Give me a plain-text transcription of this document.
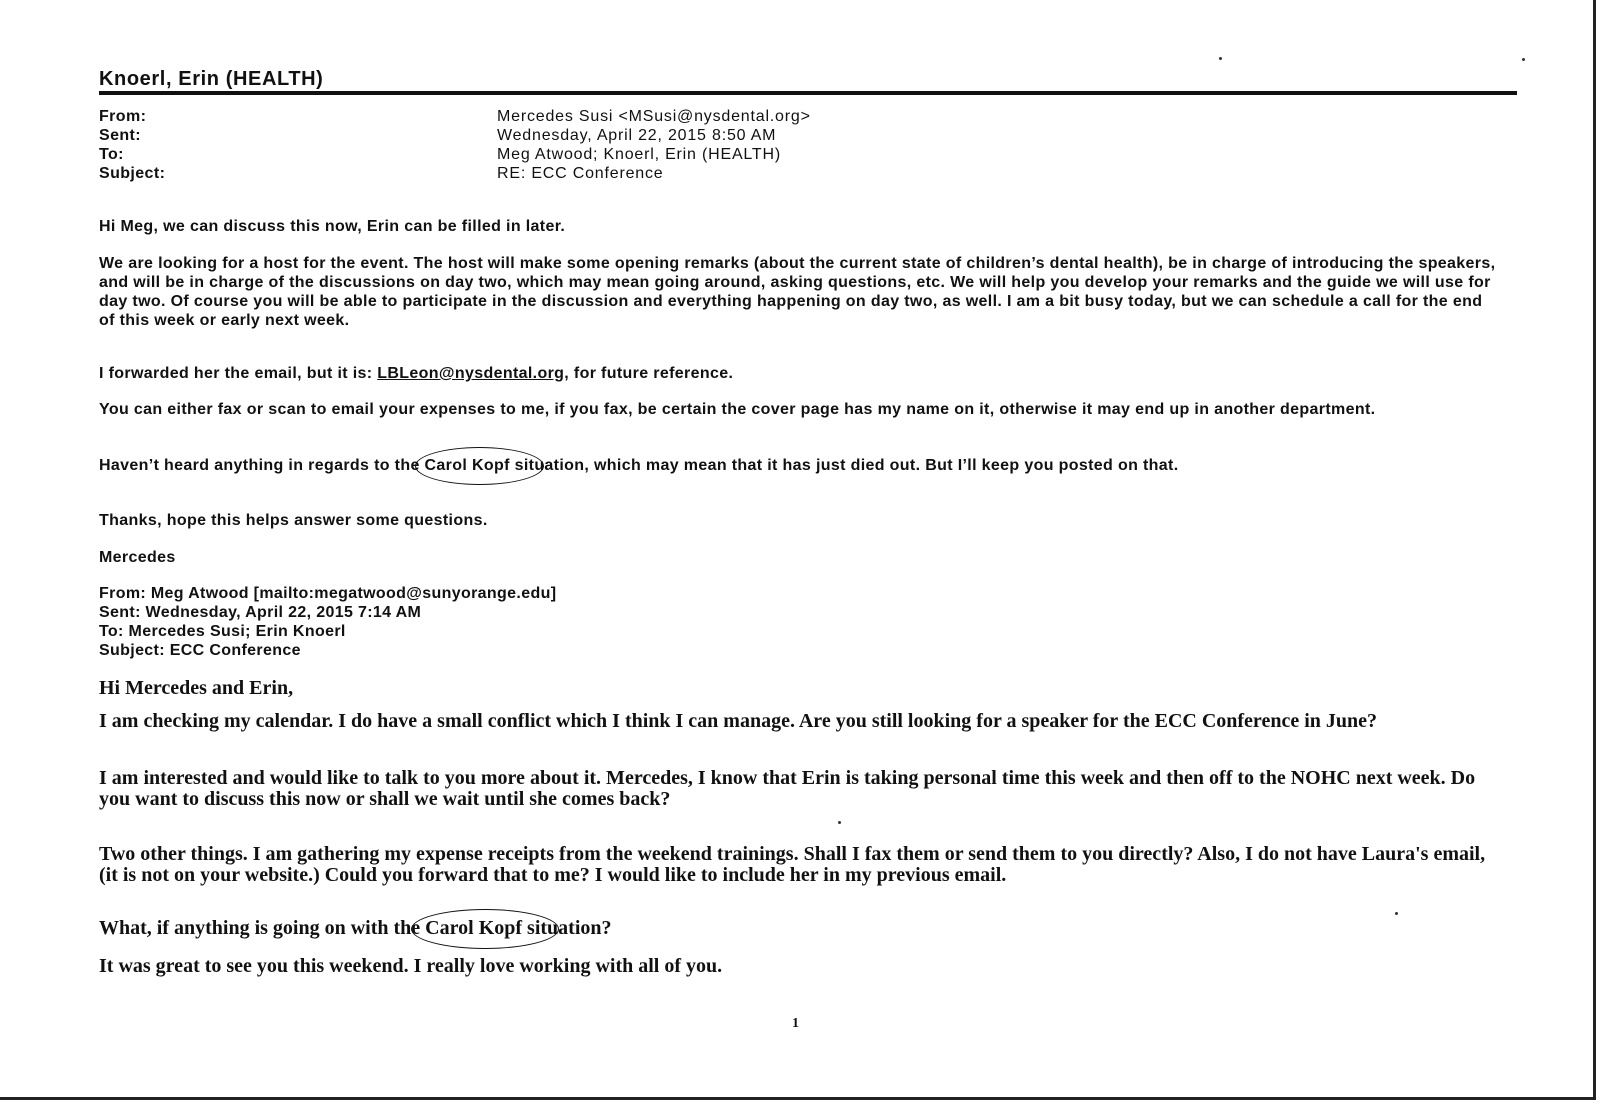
Knoerl, Erin (HEALTH)
From:	Mercedes Susi <MSusi@nysdental.org>
Sent:	Wednesday, April 22, 2015 8:50 AM
To:	Meg Atwood; Knoerl, Erin (HEALTH)
Subject:	RE: ECC Conference

Hi Meg, we can discuss this now, Erin can be filled in later.

We are looking for a host for the event. The host will make some opening remarks (about the current state of children’s dental health), be in charge of introducing the speakers, and will be in charge of the discussions on day two, which may mean going around, asking questions, etc. We will help you develop your remarks and the guide we will use for day two. Of course you will be able to participate in the discussion and everything happening on day two, as well. I am a bit busy today, but we can schedule a call for the end of this week or early next week.

I forwarded her the email, but it is: LBLeon@nysdental.org, for future reference.

You can either fax or scan to email your expenses to me, if you fax, be certain the cover page has my name on it, otherwise it may end up in another department.

Haven’t heard anything in regards to the Carol Kopf
situation, which may mean that it has just died out. But I’ll keep you posted on that.

Thanks, hope this helps answer some questions.

Mercedes

From: Meg Atwood [mailto:megatwood@sunyorange.edu]
Sent: Wednesday, April 22, 2015 7:14 AM
To: Mercedes Susi; Erin Knoerl
Subject: ECC Conference

Hi Mercedes and Erin,

I am checking my calendar. I do have a small conflict which I think I can manage. Are you still looking for a speaker for the ECC Conference in June?

I am interested and would like to talk to you more about it. Mercedes, I know that Erin is taking personal time this week and then off to the NOHC next week. Do you want to discuss this now or shall we wait until she comes back?

Two other things. I am gathering my expense receipts from the weekend trainings. Shall I fax them or send them to you directly? Also, I do not have Laura's email, (it is not on your website.) Could you forward that to me? I would like to include her in my previous email.

What, if anything is going on with the Carol Kopf
situation?

It was great to see you this weekend. I really love working with all of you.

1
